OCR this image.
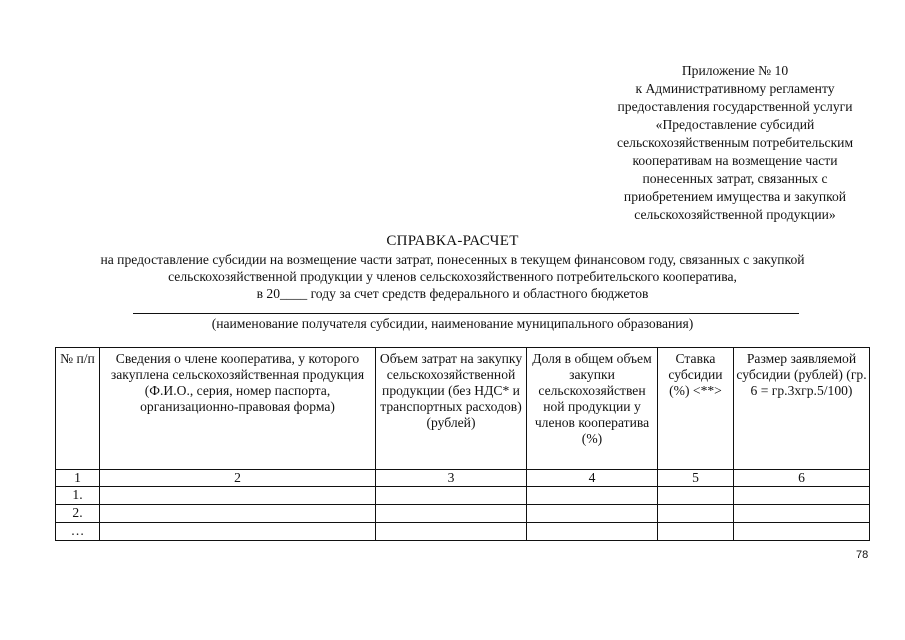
Приложение № 10
к Административному регламенту
предоставления государственной услуги
«Предоставление субсидий
сельскохозяйственным потребительским
кооперативам на возмещение части
понесенных затрат, связанных с
приобретением имущества и закупкой
сельскохозяйственной продукции»
СПРАВКА-РАСЧЕТ
на предоставление субсидии на возмещение части затрат, понесенных в текущем финансовом году, связанных с закупкой
сельскохозяйственной продукции у членов сельскохозяйственного потребительского кооператива,
в 20____ году за счет средств федерального и областного бюджетов
(наименование получателя субсидии, наименование муниципального образования)
№ п/п	Сведения о члене кооператива, у которого закуплена сельскохозяйственная продукция (Ф.И.О., серия, номер паспорта, организационно-правовая форма)	Объем затрат на закупку сельскохозяйственной продукции (без НДС* и транспортных расходов) (рублей)	Доля в общем объем закупки сельскохозяйствен ной продукции у членов кооператива (%)	Ставка субсидии (%) <**>	Размер заявляемой субсидии (рублей) (гр. 6 = гр.3хгр.5/100)
1	2	3	4	5	6
1.					
2.					
…					
78
